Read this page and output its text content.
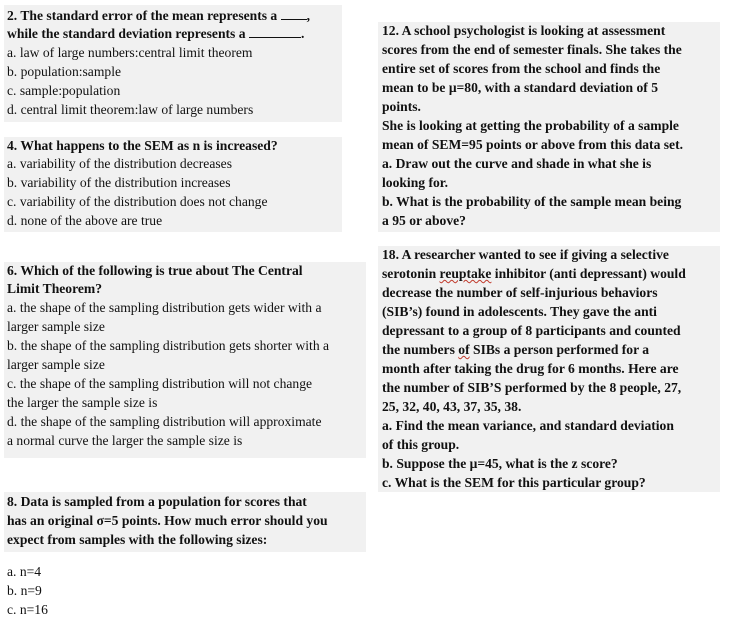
2. The standard error of the mean represents a ,
while the standard deviation represents a	.
a. law of large numbers:central limit theorem
b. population:sample
c. sample:population
d. central limit theorem:law of large numbers
4. What happens to the SEM as n is increased?
a. variability of the distribution decreases
b. variability of the distribution increases
c. variability of the distribution does not change
d. none of the above are true
6. Which of the following is true about The Central
Limit Theorem?
a. the shape of the sampling distribution gets wider with a
larger sample size
b. the shape of the sampling distribution gets shorter with a
larger sample size
c. the shape of the sampling distribution will not change
the larger the sample size is
d. the shape of the sampling distribution will approximate
a normal curve the larger the sample size is
8. Data is sampled from a population for scores that
has an original σ=5 points. How much error should you
expect from samples with the following sizes:
a. n=4
b. n=9
c. n=16
12. A school psychologist is looking at assessment
scores from the end of semester finals. She takes the
entire set of scores from the school and finds the
mean to be μ=80, with a standard deviation of 5
points.
She is looking at getting the probability of a sample
mean of SEM=95 points or above from this data set.
a. Draw out the curve and shade in what she is
looking for.
b. What is the probability of the sample mean being
a 95 or above?
18. A researcher wanted to see if giving a selective
serotonin reuptake inhibitor (anti depressant) would
decrease the number of self-injurious behaviors
(SIB’s) found in adolescents. They gave the anti
depressant to a group of 8 participants and counted
the numbers of SIBs a person performed for a
month after taking the drug for 6 months. Here are
the number of SIB’S performed by the 8 people, 27,
25, 32, 40, 43, 37, 35, 38.
a. Find the mean variance, and standard deviation
of this group.
b. Suppose the μ=45, what is the z score?
c. What is the SEM for this particular group?
